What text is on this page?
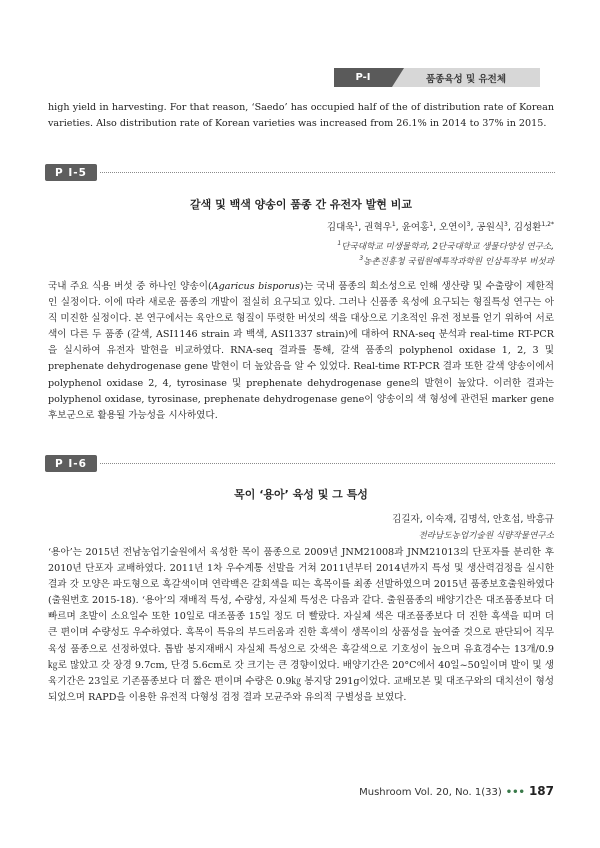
P-I	품종육성 및 유전체

high yield in harvesting. For that reason, ‘Saedo’ has occupied half of the of distribution rate of Korean varieties. Also distribution rate of Korean varieties was increased from 26.1% in 2014 to 37% in 2015.

P I-5
갈색 및 백색 양송이 품종 간 유전자 발현 비교
김대욱$^1$, 권혁우$^1$, 윤여홍$^1$, 오연이$^3$, 공원식$^3$, 김성환$^{1,2*}$
$^1$단국대학교 미생물학과, 2단국대학교 생물다양성 연구소,
$^3$농촌진흥청 국립원예특작과학원 인삼특작부 버섯과

국내 주요 식용 버섯 중 하나인 양송이(Agaricus bisporus)는 국내 품종의 희소성으로 인해 생산량 및 수출량이 제한적인 실정이다. 이에 따라 새로운 품종의 개발이 절실히 요구되고 있다. 그러나 신품종 육성에 요구되는 형질특성 연구는 아직 미진한 실정이다. 본 연구에서는 육안으로 형질이 뚜렷한 버섯의 색을 대상으로 기초적인 유전 정보를 얻기 위하여 서로 색이 다른 두 품종 (갈색, ASI1146 strain 과 백색, ASI1337 strain)에 대하여 RNA-seq 분석과 real-time RT-PCR 을 실시하여 유전자 발현을 비교하였다. RNA-seq 결과를 통해, 갈색 품종의 polyphenol oxidase 1, 2, 3 및 prephenate dehydrogenase gene 발현이 더 높았음을 알 수 있었다. Real-time RT-PCR 결과 또한 갈색 양송이에서 polyphenol oxidase 2, 4, tyrosinase 및 prephenate dehydrogenase gene의 발현이 높았다. 이러한 결과는polyphenol oxidase, tyrosinase, prephenate dehydrogenase gene이 양송이의 색 형성에 관련된 marker gene 후보군으로 활용될 가능성을 시사하였다.

P I-6
목이 ‘용아’ 육성 및 그 특성
김길자, 이숙재, 김명석, 안호섭, 박흥규
전라남도농업기술원 식량작물연구소

‘용아’는 2015년 전남농업기술원에서 육성한 목이 품종으로 2009년 JNM21008과 JNM21013의 단포자를 분리한 후 2010년 단포자 교배하였다. 2011년 1차 우수계통 선발을 거쳐 2011년부터 2014년까지 특성 및 생산력검정을 실시한 결과 갓 모양은 파도형으로 흑갈색이며 연락백은 갈회색을 띠는 흑목이를 최종 선발하였으며 2015년 품종보호출원하였다(출원번호 2015-18). ‘용아’의 재배적 특성, 수량성, 자실체 특성은 다음과 같다. 출원품종의 배양기간은 대조품종보다 더 빠르며 초발이 소요일수 또한 10일로 대조품종 15일 정도 더 빨랐다. 자실체 색은 대조품종보다 더 진한 흑색을 띠며 더 큰 편이며 수량성도 우수하였다. 흑목이 특유의 부드러움과 진한 흑색이 생목이의 상품성을 높여줄 것으로 판단되어 직무육성 품종으로 선정하였다. 톱밥 봉지재배시 자실체 특성으로 갓색은 흑갈색으로 기호성이 높으며 유효경수는 13개/0.9㎏로 많았고 갓 장경 9.7cm, 단경 5.6cm로 갓 크기는 큰 경향이었다. 배양기간은 20°C에서 40일~50일이며 발이 및 생육기간은 23일로 기존품종보다 더 짧은 편이며 수량은 0.9㎏ 봉지당 291g이었다. 교배모본 및 대조구와의 대치선이 형성되었으며 RAPD을 이용한 유전적 다형성 검정 결과 모균주와 유의적 구별성을 보였다.

Mushroom Vol. 20, No. 1(33) ••• 187
